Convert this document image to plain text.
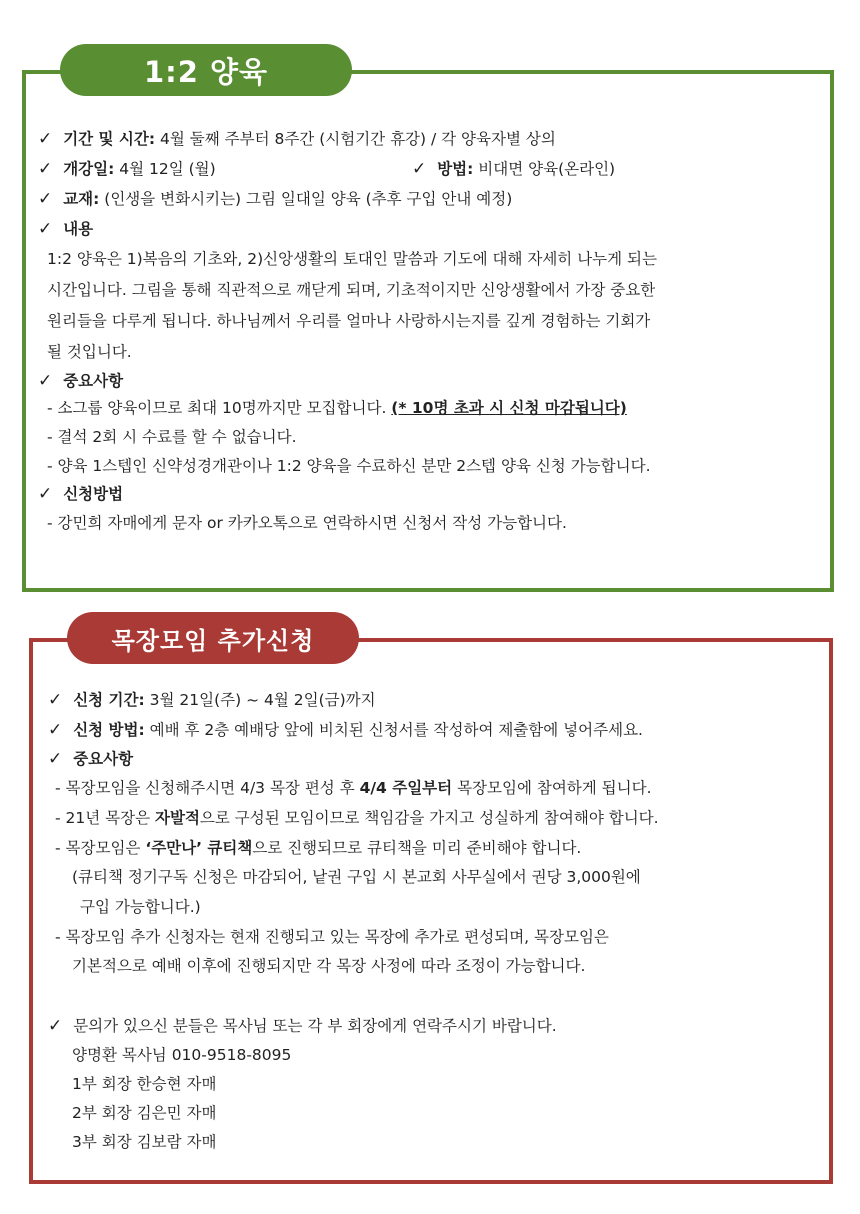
1:2 양육
✓ 기간 및 시간: 4월 둘째 주부터 8주간 (시험기간 휴강) / 각 양육자별 상의
✓ 개강일: 4월 12일 (월)	✓ 방법: 비대면 양육(온라인)
✓ 교재: (인생을 변화시키는) 그림 일대일 양육 (추후 구입 안내 예정)
✓ 내용
1:2 양육은 1)복음의 기초와, 2)신앙생활의 토대인 말씀과 기도에 대해 자세히 나누게 되는
시간입니다. 그림을 통해 직관적으로 깨닫게 되며, 기초적이지만 신앙생활에서 가장 중요한
원리들을 다루게 됩니다. 하나님께서 우리를 얼마나 사랑하시는지를 깊게 경험하는 기회가
될 것입니다.
✓ 중요사항
- 소그룹 양육이므로 최대 10명까지만 모집합니다. (* 10명 초과 시 신청 마감됩니다)
- 결석 2회 시 수료를 할 수 없습니다.
- 양육 1스텝인 신약성경개관이나 1:2 양육을 수료하신 분만 2스텝 양육 신청 가능합니다.
✓ 신청방법
- 강민희 자매에게 문자 or 카카오톡으로 연락하시면 신청서 작성 가능합니다.
목장모임 추가신청
✓ 신청 기간: 3월 21일(주) ~ 4월 2일(금)까지
✓ 신청 방법: 예배 후 2층 예배당 앞에 비치된 신청서를 작성하여 제출함에 넣어주세요.
✓ 중요사항
- 목장모임을 신청해주시면 4/3 목장 편성 후 4/4 주일부터 목장모임에 참여하게 됩니다.
- 21년 목장은 자발적으로 구성된 모임이므로 책임감을 가지고 성실하게 참여해야 합니다.
- 목장모임은 ‘주만나’ 큐티책으로 진행되므로 큐티책을 미리 준비해야 합니다.
(큐티책 정기구독 신청은 마감되어, 낱권 구입 시 본교회 사무실에서 권당 3,000원에
구입 가능합니다.)
- 목장모임 추가 신청자는 현재 진행되고 있는 목장에 추가로 편성되며, 목장모임은
기본적으로 예배 이후에 진행되지만 각 목장 사정에 따라 조정이 가능합니다.
✓ 문의가 있으신 분들은 목사님 또는 각 부 회장에게 연락주시기 바랍니다.
양명환 목사님 010-9518-8095
1부 회장 한승현 자매
2부 회장 김은민 자매
3부 회장 김보람 자매
